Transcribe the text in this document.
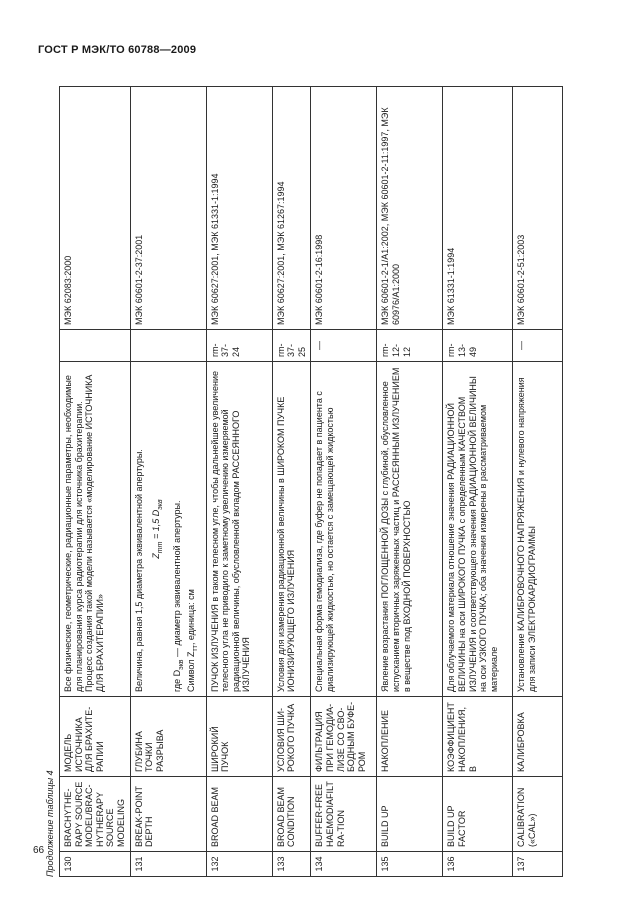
ГОСТ Р МЭК/ТО 60788—2009
66 Продолжение таблицы 4 130	BRACHYTHE-RAPY SOURCE MODEL/BRAC-HYTHERAPY SOURCE MODELING	МОДЕЛЬ ИСТОЧНИКА ДЛЯ БРАХИТЕ-РАПИИ	Все физические, геометрические, радиационные параметры, необходимые для планирования курса радиотерапии для источника брахитерапии. Процесс создания такой модели называется «моделирование ИСТОЧНИКА ДЛЯ БРАХИТЕРАПИИ»		МЭК 62083:2000
131	BREAK-POINT DEPTH	ГЛУБИНА ТОЧКИ РАЗРЫВА	Величина, равная 1,5 диаметра эквивалентной апертуры. $Z_{тт} = 1,5$ $D_{экв}$
где $D_{экв}$ — диаметр эквивалентной апертуры.
Символ $Z_{тт}$, единица: см		МЭК 60601-2-37:2001
132	BROAD BEAM	ШИРОКИЙ ПУЧОК	ПУЧОК ИЗЛУЧЕНИЯ в таком телесном угле, чтобы дальнейшее увеличение телесного угла не приводило к заметному увеличению измеряемой радиационной величины, обусловленной вкладом РАССЕЯННОГО ИЗЛУЧЕНИЯ	rm-37-24	МЭК 60627:2001, МЭК 61331-1:1994
133	BROAD BEAM CONDITION	УСЛОВИЯ ШИ-РОКОГО ПУЧКА	Условия для измерения радиационной величины в ШИРОКОМ ПУЧКЕ ИОНИЗИРУЮЩЕГО ИЗЛУЧЕНИЯ	rm-37-25	МЭК 60627:2001, МЭК 61267:1994
134	BUFFER-FREE HAEMODIAFILTRA-TION	ФИЛЬТРАЦИЯ ПРИ ГЕМОДИА-ЛИЗЕ СО СВО-БОДНЫМ БУФЕ-РОМ	Специальная форма гемодиализа, где буфер не попадает в пациента с диализирующей жидкостью, но остается с замещающей жидкостью	—	МЭК 60601-2-16:1998
135	BUILD UP	НАКОПЛЕНИЕ	Явление возрастания ПОГЛОЩЕННОЙ ДОЗЫ с глубиной, обусловленное испусканием вторичных заряженных частиц и РАССЕЯННЫМ ИЗЛУЧЕНИЕМ в веществе под ВХОДНОЙ ПОВЕРХНОСТЬЮ	rm-12-12	МЭК 60601-2-1/A1:2002, МЭК 60601-2-11:1997, МЭК 60976/A1:2000
136	BUILD UP FACTOR	КОЭФФИЦИЕНТ НАКОПЛЕНИЯ, В	Для облучаемого материала отношение значения РАДИАЦИОННОЙ ВЕЛИЧИНЫ на оси ШИРОКОГО ПУЧКА с определенным КАЧЕСТВОМ ИЗЛУЧЕНИЯ и соответствующего значения РАДИАЦИОННОЙ ВЕЛИЧИНЫ на оси УЗКОГО ПУЧКА; оба значения измерены в рассматриваемом материале	rm-13-49	МЭК 61331-1:1994
137	CALIBRATION («CAL»)	КАЛИБРОВКА	Установление КАЛИБРОВОЧНОГО НАПРЯЖЕНИЯ и нулевого напряжения для записи ЭЛЕКТРОКАРДИОГРАММЫ	—	МЭК 60601-2-51:2003
